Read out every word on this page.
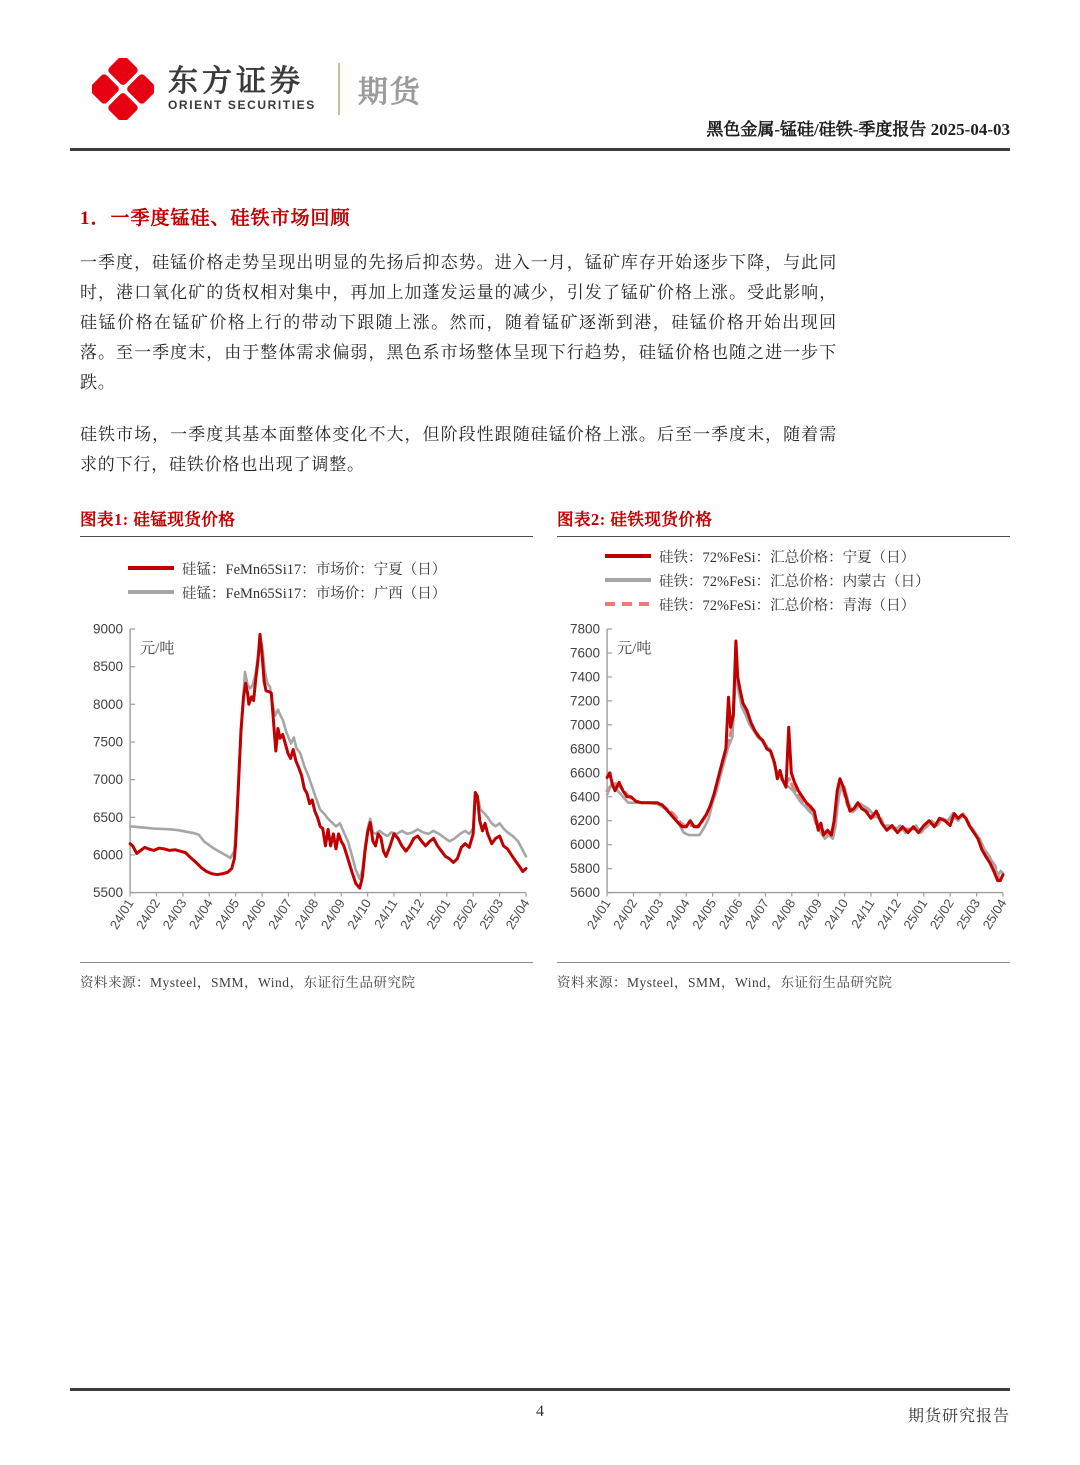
东方证券
ORIENT SECURITIES 期货
黑色金属-锰硅/硅铁-季度报告 2025-04-03
1．一季度锰硅、硅铁市场回顾

一季度，硅锰价格走势呈现出明显的先扬后抑态势。进入一月，锰矿库存开始逐步下降，与此同时，港口氧化矿的货权相对集中，再加上加蓬发运量的减少，引发了锰矿价格上涨。受此影响，硅锰价格在锰矿价格上行的带动下跟随上涨。然而，随着锰矿逐渐到港，硅锰价格开始出现回落。至一季度末，由于整体需求偏弱，黑色系市场整体呈现下行趋势，硅锰价格也随之进一步下跌。

硅铁市场，一季度其基本面整体变化不大，但阶段性跟随硅锰价格上涨。后至一季度末，随着需求的下行，硅铁价格也出现了调整。

图表1: 硅锰现货价格
硅锰：FeMn65Si17：市场价：宁夏（日）
硅锰：FeMn65Si17：市场价：广西（日）
5500
6000
6500
7000
7500
8000
8500
9000
24/01
24/02
24/03
24/04
24/05
24/06
24/07
24/08
24/09
24/10
24/11
24/12
25/01
25/02
25/03
25/04
元/吨
资料来源：Mysteel，SMM，Wind，东证衍生品研究院
图表2: 硅铁现货价格
硅铁：72%FeSi：汇总价格：宁夏（日）
硅铁：72%FeSi：汇总价格：内蒙古（日）
硅铁：72%FeSi：汇总价格：青海（日）
5600
5800
6000
6200
6400
6600
6800
7000
7200
7400
7600
7800
24/01
24/02
24/03
24/04
24/05
24/06
24/07
24/08
24/09
24/10
24/11
24/12
25/01
25/02
25/03
25/04
元/吨
资料来源：Mysteel，SMM，Wind，东证衍生品研究院
4	期货研究报告
